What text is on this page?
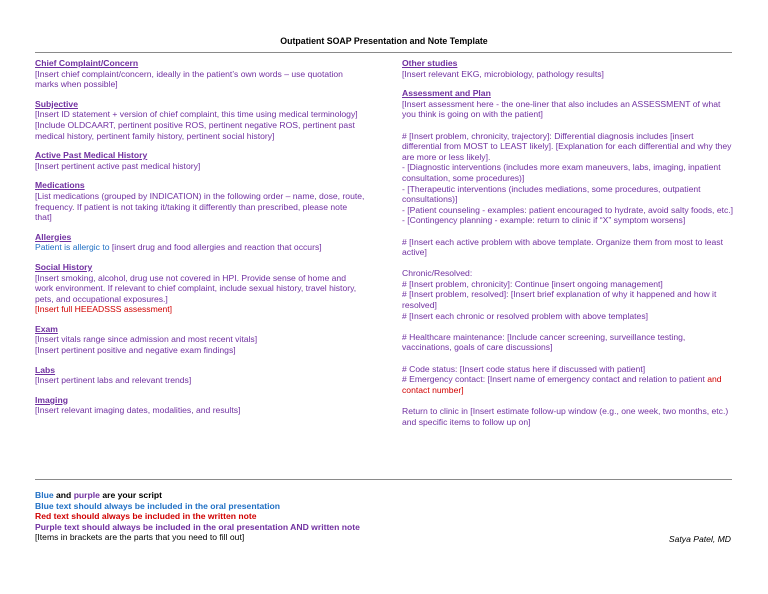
Outpatient SOAP Presentation and Note Template
Chief Complaint/Concern
[Insert chief complaint/concern, ideally in the patient’s own words – use quotation marks when possible]
Subjective
[Insert ID statement + version of chief complaint, this time using medical terminology]
[Include OLDCAART, pertinent positive ROS, pertinent negative ROS, pertinent past medical history, pertinent family history, pertinent social history]
Active Past Medical History
[Insert pertinent active past medical history]
Medications
[List medications (grouped by INDICATION) in the following order – name, dose, route, frequency. If patient is not taking it/taking it differently than prescribed, please note that]
Allergies
Patient is allergic to [insert drug and food allergies and reaction that occurs]
Social History
[Insert smoking, alcohol, drug use not covered in HPI. Provide sense of home and work environment. If relevant to chief complaint, include sexual history, travel history, pets, and occupational exposures.]
[Insert full HEEADSSS assessment]
Exam
[Insert vitals range since admission and most recent vitals]
[Insert pertinent positive and negative exam findings]
Labs
[Insert pertinent labs and relevant trends]
Imaging
[Insert relevant imaging dates, modalities, and results]
Other studies
[Insert relevant EKG, microbiology, pathology results]
Assessment and Plan
[Insert assessment here - the one-liner that also includes an ASSESSMENT of what you think is going on with the patient]
# [Insert problem, chronicity, trajectory]: Differential diagnosis includes [insert differential from MOST to LEAST likely]. [Explanation for each differential and why they are more or less likely].
- [Diagnostic interventions (includes more exam maneuvers, labs, imaging, inpatient consultation, some procedures)]
- [Therapeutic interventions (includes mediations, some procedures, outpatient consultations)]
- [Patient counseling - examples: patient encouraged to hydrate, avoid salty foods, etc.]
- [Contingency planning - example: return to clinic if “X” symptom worsens]
# [Insert each active problem with above template. Organize them from most to least active]
Chronic/Resolved:
# [Insert problem, chronicity]: Continue [insert ongoing management]
# [Insert problem, resolved]: [Insert brief explanation of why it happened and how it resolved]
# [Insert each chronic or resolved problem with above templates]
# Healthcare maintenance: [Include cancer screening, surveillance testing, vaccinations, goals of care discussions]
# Code status: [Insert code status here if discussed with patient]
# Emergency contact: [Insert name of emergency contact and relation to patient and contact number]
Return to clinic in [Insert estimate follow-up window (e.g., one week, two months, etc.) and specific items to follow up on]
Blue and purple are your script
Blue text should always be included in the oral presentation
Red text should always be included in the written note
Purple text should always be included in the oral presentation AND written note
[Items in brackets are the parts that you need to fill out]	Satya Patel, MD
